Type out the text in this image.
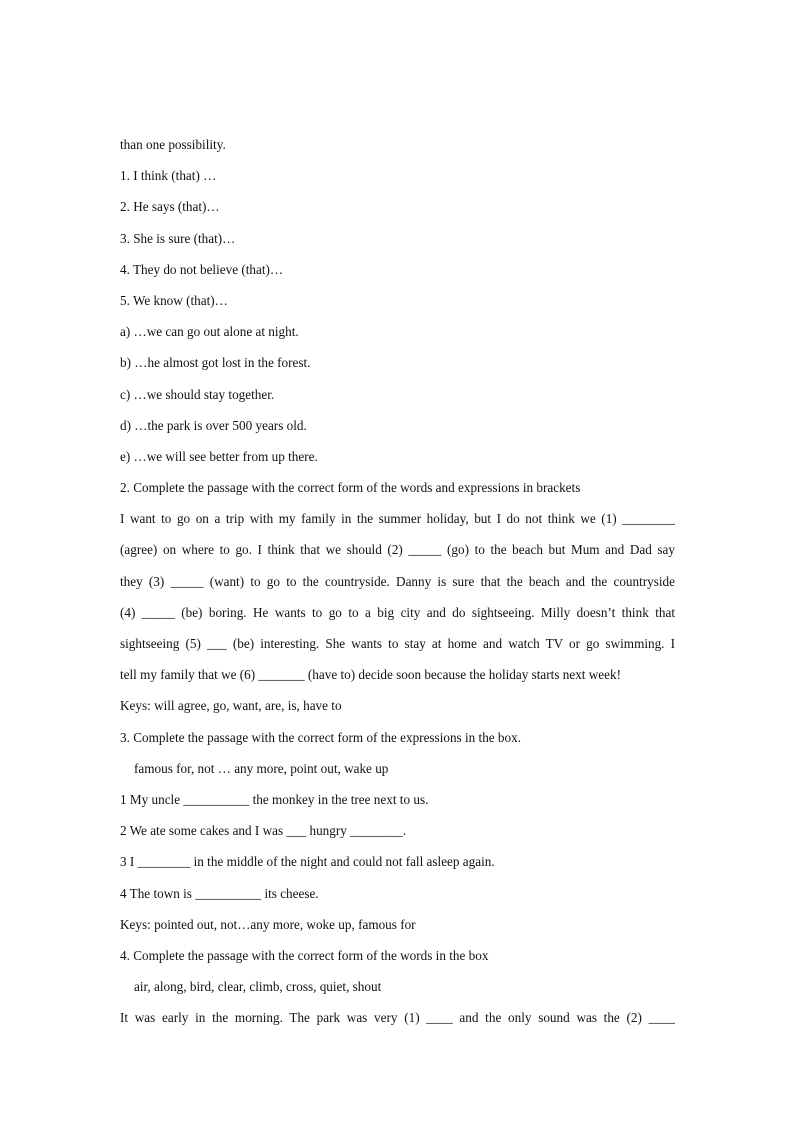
than one possibility.
1. I think (that) …
2. He says (that)…
3. She is sure (that)…
4. They do not believe (that)…
5. We know (that)…
a) …we can go out alone at night.
b) …he almost got lost in the forest.
c) …we should stay together.
d) …the park is over 500 years old.
e) …we will see better from up there.
2. Complete the passage with the correct form of the words and expressions in brackets
I want to go on a trip with my family in the summer holiday, but I do not think we (1) ________
(agree) on where to go. I think that we should (2) _____ (go) to the beach but Mum and Dad say
they (3) _____ (want) to go to the countryside. Danny is sure that the beach and the countryside
(4) _____ (be) boring. He wants to go to a big city and do sightseeing. Milly doesn’t think that
sightseeing (5) ___ (be) interesting. She wants to stay at home and watch TV or go swimming. I
tell my family that we (6) _______ (have to) decide soon because the holiday starts next week!
Keys: will agree, go, want, are, is, have to
3. Complete the passage with the correct form of the expressions in the box.
famous for, not … any more, point out, wake up
1 My uncle __________ the monkey in the tree next to us.
2 We ate some cakes and I was ___ hungry ________.
3 I ________ in the middle of the night and could not fall asleep again.
4 The town is __________ its cheese.
Keys: pointed out, not…any more, woke up, famous for
4. Complete the passage with the correct form of the words in the box
air, along, bird, clear, climb, cross, quiet, shout
It was early in the morning. The park was very (1) ____ and the only sound was the (2) ____
